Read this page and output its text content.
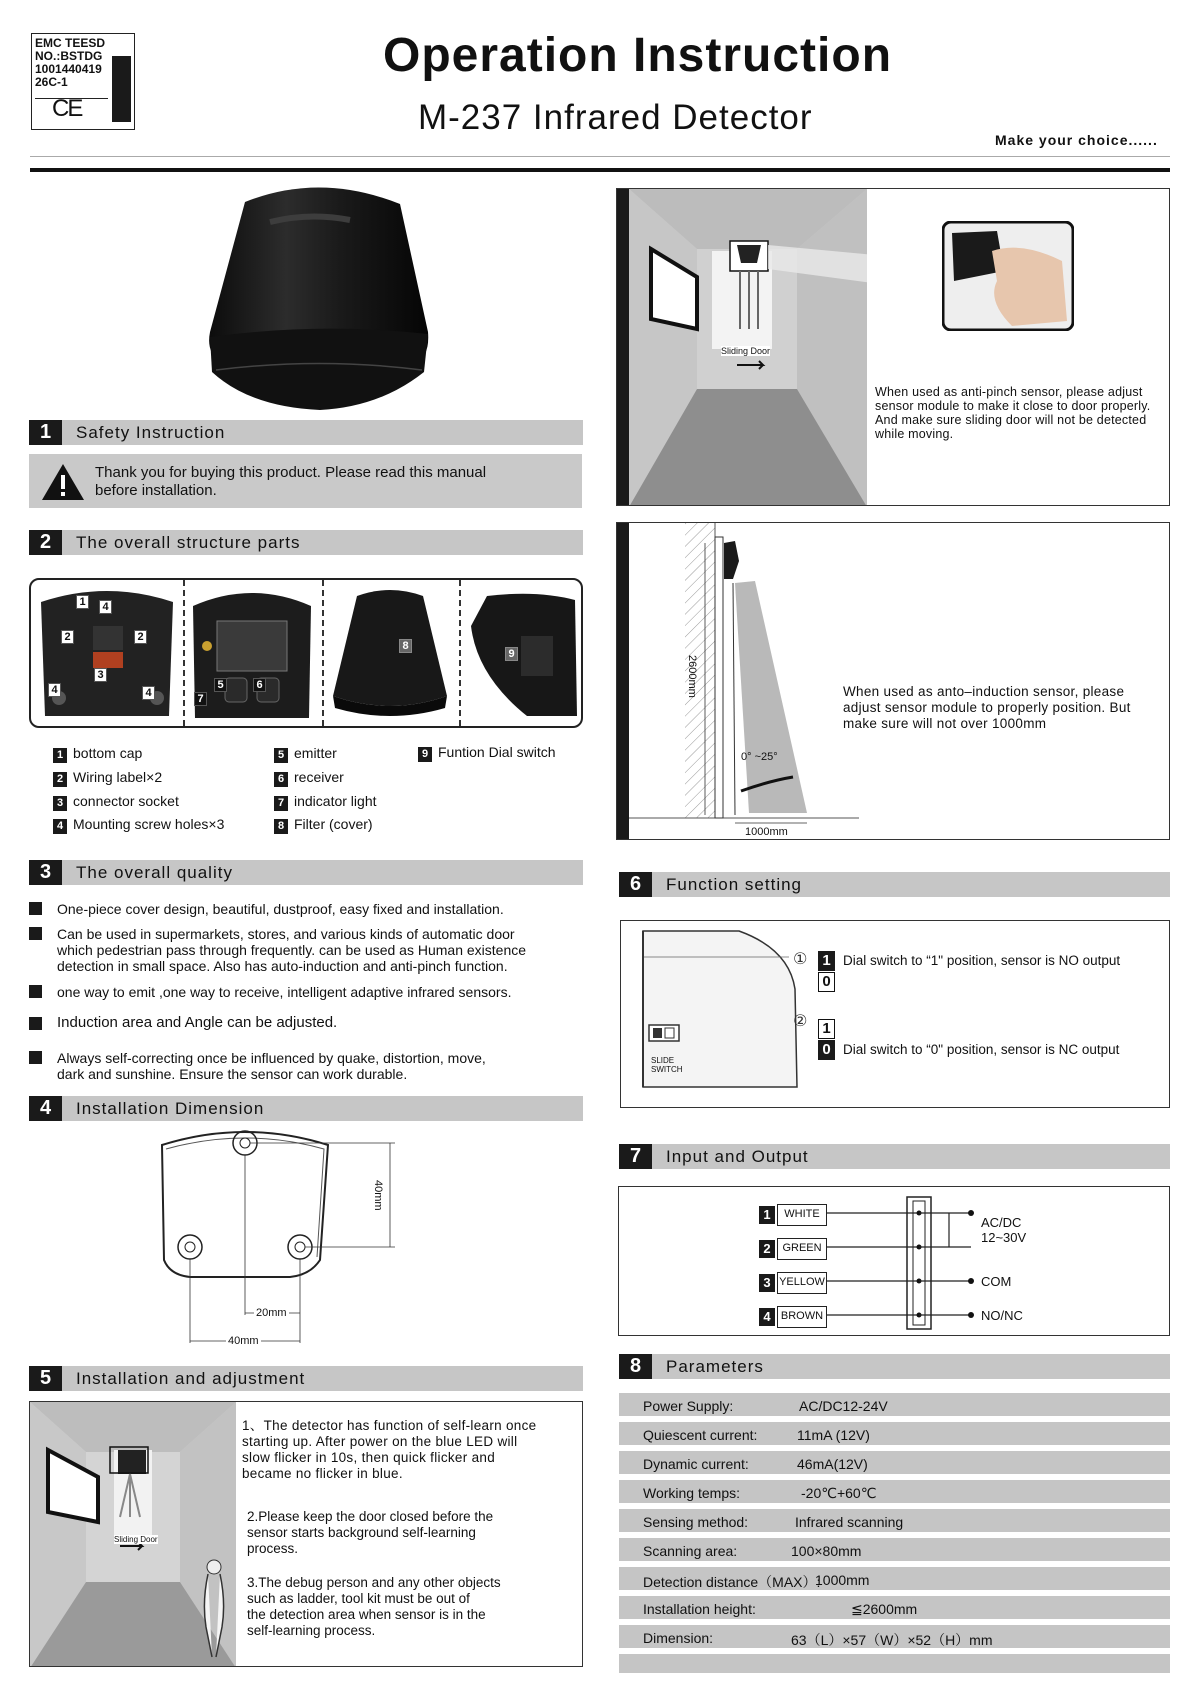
EMC TEESD
NO.:BSTDG
1001440419
26C-1
CE
Operation Instruction
M-237 Infrared Detector
Make your choice......
1	Safety Instruction
Thank you for buying this product. Please read this manual
before installation.
2	The overall structure parts
1	4
2	2
3
4	4
5	6
7
8
9
1 bottom cap
2 Wiring label×2
3 connector socket
4 Mounting screw holes×3
5 emitter
6 receiver
7 indicator light
8 Filter (cover)
9 Funtion Dial switch
3	The overall quality
One-piece cover design, beautiful, dustproof, easy fixed and installation.
Can be used in supermarkets, stores, and various kinds of automatic door
which pedestrian pass through frequently. can be used as Human existence
detection in small space. Also has auto-induction and anti-pinch function.
one way to emit ,one way to receive, intelligent adaptive infrared sensors.
Induction area and Angle can be adjusted.
Always self-correcting once be influenced by quake, distortion, move,
dark and sunshine. Ensure the sensor can work durable.
4	Installation Dimension
40mm
20mm
40mm
5	Installation and adjustment
Sliding Door
1、The detector has function of self-learn once
starting up. After power on the blue LED will
slow flicker in 10s, then quick flicker and
became no flicker in blue.
2.Please keep the door closed before the
sensor starts background self-learning
process.
3.The debug person and any other objects
such as ladder, tool kit must be out of
the detection area when sensor is in the
self-learning process.
Sliding Door
When used as anti-pinch sensor, please adjust
sensor module to make it close to door properly.
And make sure sliding door will not be detected
while moving.
2600mm
0° ~25°
1000mm
When used as anto–induction sensor, please
adjust sensor module to properly position. But
make sure will not over 1000mm
6	Function setting
SLIDE
SWITCH
① 1
0
Dial switch to “1" position, sensor is NO output
② 1
0 Dial switch to “0" position, sensor is NC output
7	Input and Output
1 WHITE
2 GREEN
3 YELLOW
4 BROWN
AC/DC
12~30V
COM
NO/NC
8	Parameters
Power Supply:	AC/DC12-24V
Quiescent current:	11mA (12V)
Dynamic current:	46mA(12V)
Working temps:	-20℃+60℃
Sensing method:	Infrared scanning
Scanning area:	100×80mm
Detection distance（MAX）:
1000mm
Installation height:	≦2600mm
Dimension:	63（L）×57（W）×52（H）mm
